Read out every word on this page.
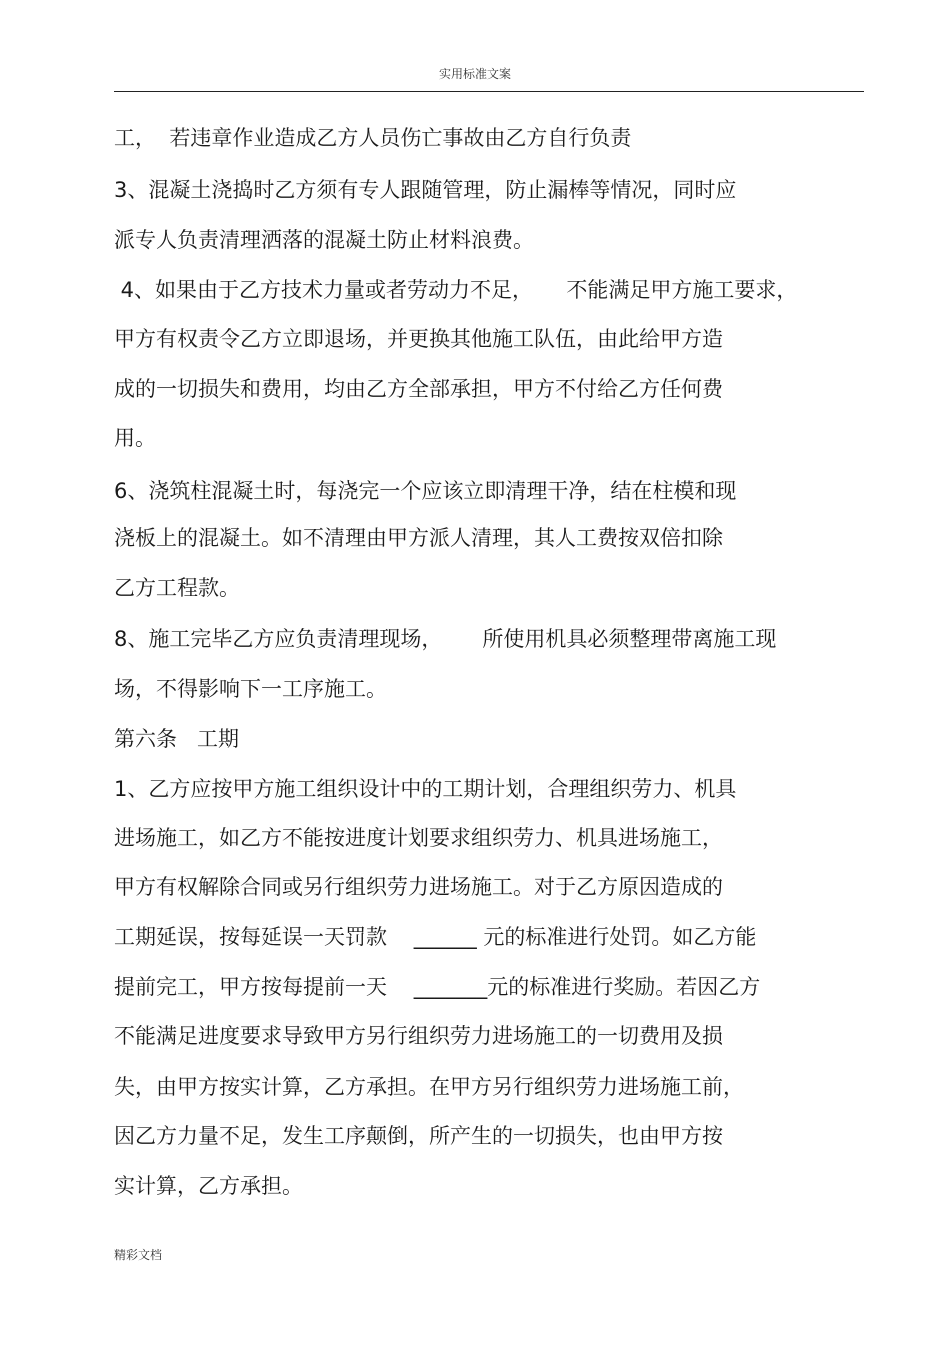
实用标准文案
工，  若违章作业造成乙方人员伤亡事故由乙方自行负责
3、混凝土浇捣时乙方须有专人跟随管理，防止漏棒等情况，同时应
派专人负责清理洒落的混凝土防止材料浪费。
4、如果由于乙方技术力量或者劳动力不足，     不能满足甲方施工要求，
甲方有权责令乙方立即退场，并更换其他施工队伍，由此给甲方造
成的一切损失和费用，均由乙方全部承担，甲方不付给乙方任何费
用。
6、浇筑柱混凝土时，每浇完一个应该立即清理干净，结在柱模和现
浇板上的混凝土。如不清理由甲方派人清理，其人工费按双倍扣除
乙方工程款。
8、施工完毕乙方应负责清理现场，      所使用机具必须整理带离施工现
场，不得影响下一工序施工。
第六条   工期
1、乙方应按甲方施工组织设计中的工期计划，合理组织劳力、机具
进场施工，如乙方不能按进度计划要求组织劳力、机具进场施工，
甲方有权解除合同或另行组织劳力进场施工。对于乙方原因造成的
工期延误，按每延误一天罚款    ______ 元的标准进行处罚。如乙方能
提前完工，甲方按每提前一天    _______元的标准进行奖励。若因乙方
不能满足进度要求导致甲方另行组织劳力进场施工的一切费用及损
失，由甲方按实计算，乙方承担。在甲方另行组织劳力进场施工前，
因乙方力量不足，发生工序颠倒，所产生的一切损失，也由甲方按
实计算，乙方承担。
精彩文档
